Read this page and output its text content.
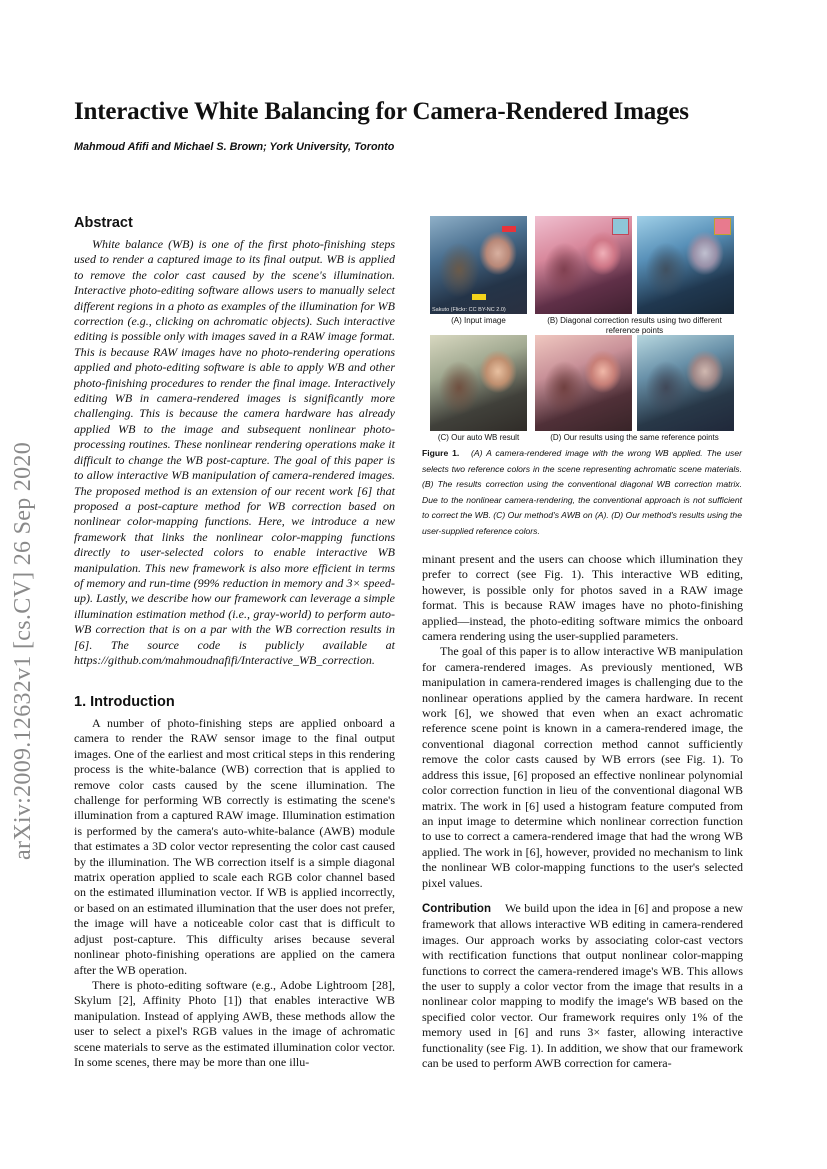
Interactive White Balancing for Camera-Rendered Images
Mahmoud Afifi and Michael S. Brown; York University, Toronto
arXiv:2009.12632v1 [cs.CV] 26 Sep 2020
Abstract

White balance (WB) is one of the first photo-finishing steps used to render a captured image to its final output. WB is applied to remove the color cast caused by the scene's illumination. Interactive photo-editing software allows users to manually select different regions in a photo as examples of the illumination for WB correction (e.g., clicking on achromatic objects). Such interactive editing is possible only with images saved in a RAW image format. This is because RAW images have no photo-rendering operations applied and photo-editing software is able to apply WB and other photo-finishing procedures to render the final image. Interactively editing WB in camera-rendered images is significantly more challenging. This is because the camera hardware has already applied WB to the image and subsequent nonlinear photo-processing routines. These nonlinear rendering operations make it difficult to change the WB post-capture. The goal of this paper is to allow interactive WB manipulation of camera-rendered images. The proposed method is an extension of our recent work [6] that proposed a post-capture method for WB correction based on nonlinear color-mapping functions. Here, we introduce a new framework that links the nonlinear color-mapping functions directly to user-selected colors to enable interactive WB manipulation. This new framework is also more efficient in terms of memory and run-time (99% reduction in memory and 3× speed-up). Lastly, we describe how our framework can leverage a simple illumination estimation method (i.e., gray-world) to perform auto-WB correction that is on a par with the WB correction results in [6]. The source code is publicly available at https://github.com/mahmoudnafifi/Interactive_WB_correction.

1. Introduction

A number of photo-finishing steps are applied onboard a camera to render the RAW sensor image to the final output images. One of the earliest and most critical steps in this rendering process is the white-balance (WB) correction that is applied to remove color casts caused by the scene illumination. The challenge for performing WB correctly is estimating the scene's illumination from a captured RAW image. Illumination estimation is performed by the camera's auto-white-balance (AWB) module that estimates a 3D color vector representing the color cast caused by the illumination. The WB correction itself is a simple diagonal matrix operation applied to scale each RGB color channel based on the estimated illumination vector. If WB is applied incorrectly, or based on an estimated illumination that the user does not prefer, the image will have a noticeable color cast that is difficult to adjust post-capture. This difficulty arises because several nonlinear photo-finishing operations are applied on the camera after the WB operation.

There is photo-editing software (e.g., Adobe Lightroom [28], Skylum [2], Affinity Photo [1]) that enables interactive WB manipulation. Instead of applying AWB, these methods allow the user to select a pixel's RGB values in the image of achromatic scene materials to serve as the estimated illumination color vector. In some scenes, there may be more than one illu-

Sakuto (Flickr: CC BY-NC 2.0)
(A) Input image	(B) Diagonal correction results using two different reference points
(C) Our auto WB result	(D) Our results using the same reference points
Figure 1. (A) A camera-rendered image with the wrong WB applied. The user selects two reference colors in the scene representing achromatic scene materials. (B) The results correction using the conventional diagonal WB correction matrix. Due to the nonlinear camera-rendering, the conventional approach is not sufficient to correct the WB. (C) Our method's AWB on (A). (D) Our method's results using the user-supplied reference colors.

minant present and the users can choose which illumination they prefer to correct (see Fig. 1). This interactive WB editing, however, is possible only for photos saved in a RAW image format. This is because RAW images have no photo-finishing applied—instead, the photo-editing software mimics the onboard camera rendering using the user-supplied parameters.

The goal of this paper is to allow interactive WB manipulation for camera-rendered images. As previously mentioned, WB manipulation in camera-rendered images is challenging due to the nonlinear operations applied by the camera hardware. In recent work [6], we showed that even when an exact achromatic reference scene point is known in a camera-rendered image, the conventional diagonal correction method cannot sufficiently remove the color casts caused by WB errors (see Fig. 1). To address this issue, [6] proposed an effective nonlinear polynomial color correction function in lieu of the conventional diagonal WB matrix. The work in [6] used a histogram feature computed from an input image to determine which nonlinear correction function to use to correct a camera-rendered image that had the wrong WB applied. The work in [6], however, provided no mechanism to link the nonlinear WB color-mapping functions to the user's selected pixel values.

Contribution We build upon the idea in [6] and propose a new framework that allows interactive WB editing in camera-rendered images. Our approach works by associating color-cast vectors with rectification functions that output nonlinear color-mapping functions to correct the camera-rendered image's WB. This allows the user to supply a color vector from the image that results in a nonlinear color mapping to modify the image's WB based on the specified color vector. Our framework requires only 1% of the memory used in [6] and runs 3× faster, allowing interactive functionality (see Fig. 1). In addition, we show that our framework can be used to perform AWB correction for camera-
